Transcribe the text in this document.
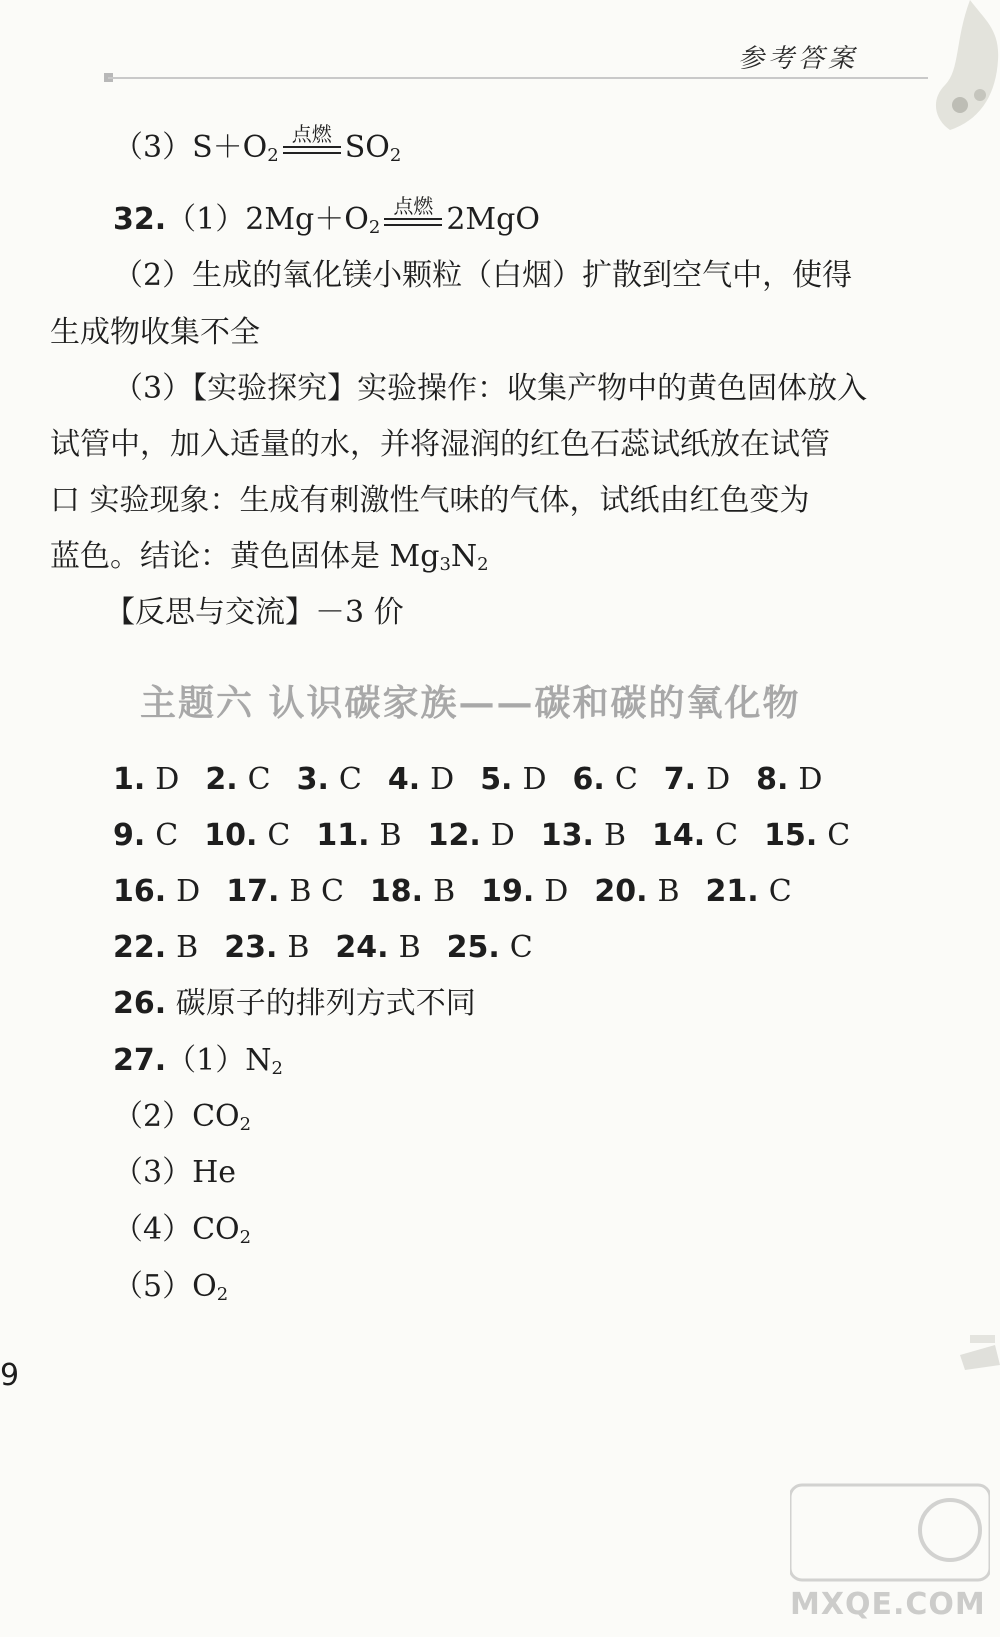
参考答案
$(3)S+O_2$
点燃 $SO_2$
$32.(1)2Mg+O_2$
点燃 2MgO
（2）生成的氧化镁小颗粒（白烟）扩散到空气中，使得
生成物收集不全
（3）【实验探究】实验操作：收集产物中的黄色固体放入
试管中，加入适量的水，并将湿润的红色石蕊试纸放在试管
口 实验现象：生成有刺激性气味的气体，试纸由红色变为
蓝色。结论：黄色固体是 $Mg_3N_2$
【反思与交流】－3 价
主题六 认识碳家族——碳和碳的氧化物
1. D 2. C 3. C 4. D 5. D 6. C 7. D 8. D
9. C 10. C 11. B 12. D 13. B 14. C 15. C
16. D 17. B C 18. B 19. D 20. B 21. C
22. B 23. B 24. B 25. C
26. 碳原子的排列方式不同
$27.(1)N_2$
$(2)CO_2$
（3）He
$(4)CO_2$
$(5)O_2$
9
MXQE.COM
